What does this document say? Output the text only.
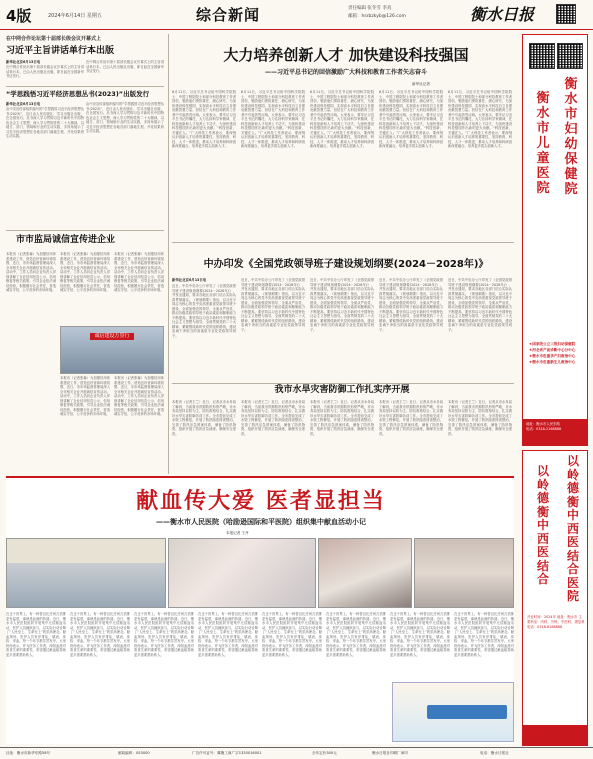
4版	2024年6月14日 星期五	综合新闻	责任编辑 张冬雪 李真
邮箱：hsrbzkyb@126.com	衡水日报
在中网合作论坛第十届部长级会议开幕式上
习近平主旨讲话单行本出版
新华社北京6月13日电
在中网合作论坛第十届部长级会议开幕式上的主旨讲话单行本，已由人民出版社出版，即日起在全国新华书店发行。
在中网合作论坛第十届部长级会议开幕式上的主旨讲话单行本，已由人民出版社出版，即日起在全国新华书店发行。
“学思践悟习近平经济思想丛书(2023)”出版发行
新华社北京6月13日电
由中央宣传部组织编写的“学思践悟习近平经济思想丛书(2023)”，近日由人民出版社、学习出版社出版，在全国发行。丛书深入学习贯彻习近平新时代中国特色社会主义思想，深入学习贯彻党的二十大精神，以地方、部门、领域和行业的生动实践，多视角展示了习近平经济思想在各地各部门落地生根、开花结果的生动实践。
由中央宣传部组织编写的“学思践悟习近平经济思想丛书(2023)”，近日由人民出版社、学习出版社出版，在全国发行。丛书深入学习贯彻习近平新时代中国特色社会主义思想，深入学习贯彻党的二十大精神，以地方、部门、领域和行业的生动实践，多视角展示了习近平经济思想在各地各部门落地生根、开花结果的生动实践。
市市监局诚信宣传进企业
本报讯（记者张赫）为加强信用体系建设工作，营造良好营商环境氛围，近日，市市场监督管理局深入全市相关企业开展诚信宣传活动。活动中，工作人员向企业负责人详细讲解了企业信用信息公示、信用修复等相关政策，引导企业依法诚信经营，积极履行社会责任，营造诚实守信、公平竞争的市场环境。
本报讯（记者张赫）为加强信用体系建设工作，营造良好营商环境氛围，近日，市市场监督管理局深入全市相关企业开展诚信宣传活动。活动中，工作人员向企业负责人详细讲解了企业信用信息公示、信用修复等相关政策，引导企业依法诚信经营，积极履行社会责任，营造诚实守信、公平竞争的市场环境。
本报讯（记者张赫）为加强信用体系建设工作，营造良好营商环境氛围，近日，市市场监督管理局深入全市相关企业开展诚信宣传活动。活动中，工作人员向企业负责人详细讲解了企业信用信息公示、信用修复等相关政策，引导企业依法诚信经营，积极履行社会责任，营造诚实守信、公平竞争的市场环境。
诚信建设万里行
本报讯（记者张赫）为加强信用体系建设工作，营造良好营商环境氛围，近日，市市场监督管理局深入全市相关企业开展诚信宣传活动。活动中，工作人员向企业负责人详细讲解了企业信用信息公示、信用修复等相关政策，引导企业依法诚信经营，积极履行社会责任，营造诚实守信、公平竞争的市场环境。
本报讯（记者张赫）为加强信用体系建设工作，营造良好营商环境氛围，近日，市市场监督管理局深入全市相关企业开展诚信宣传活动。活动中，工作人员向企业负责人详细讲解了企业信用信息公示、信用修复等相关政策，引导企业依法诚信经营，积极履行社会责任，营造诚实守信、公平竞争的市场环境。
大力培养创新人才 加快建设科技强国
——习近平总书记的回信激励广大科技和教育工作者矢志奋斗
新华社记者
6月11日，习近平总书记给中国科学院院士、中国工程院院士和部分科技教育工作者回信，勉励他们勇担重任、潜心研究，为加快建设科技强国、实现高水平科技自立自强贡献智慧力量。回信在广大科技和教育工作者中引起热烈反响。大家表示，要牢记习近平总书记的嘱托，大力弘扬科学家精神，在科技创新和人才培养上下功夫，为加快建设科技强国作出新的更大贡献。“科技创新，关键在人。”广大科技工作者表示，要深刻认识创新人才培养的重要性，坚持教育、科技、人才一体推进，推动人才培养和科研创新深度融合，培养更多拔尖创新人才。
6月11日，习近平总书记给中国科学院院士、中国工程院院士和部分科技教育工作者回信，勉励他们勇担重任、潜心研究，为加快建设科技强国、实现高水平科技自立自强贡献智慧力量。回信在广大科技和教育工作者中引起热烈反响。大家表示，要牢记习近平总书记的嘱托，大力弘扬科学家精神，在科技创新和人才培养上下功夫，为加快建设科技强国作出新的更大贡献。“科技创新，关键在人。”广大科技工作者表示，要深刻认识创新人才培养的重要性，坚持教育、科技、人才一体推进，推动人才培养和科研创新深度融合，培养更多拔尖创新人才。
6月11日，习近平总书记给中国科学院院士、中国工程院院士和部分科技教育工作者回信，勉励他们勇担重任、潜心研究，为加快建设科技强国、实现高水平科技自立自强贡献智慧力量。回信在广大科技和教育工作者中引起热烈反响。大家表示，要牢记习近平总书记的嘱托，大力弘扬科学家精神，在科技创新和人才培养上下功夫，为加快建设科技强国作出新的更大贡献。“科技创新，关键在人。”广大科技工作者表示，要深刻认识创新人才培养的重要性，坚持教育、科技、人才一体推进，推动人才培养和科研创新深度融合，培养更多拔尖创新人才。
6月11日，习近平总书记给中国科学院院士、中国工程院院士和部分科技教育工作者回信，勉励他们勇担重任、潜心研究，为加快建设科技强国、实现高水平科技自立自强贡献智慧力量。回信在广大科技和教育工作者中引起热烈反响。大家表示，要牢记习近平总书记的嘱托，大力弘扬科学家精神，在科技创新和人才培养上下功夫，为加快建设科技强国作出新的更大贡献。“科技创新，关键在人。”广大科技工作者表示，要深刻认识创新人才培养的重要性，坚持教育、科技、人才一体推进，推动人才培养和科研创新深度融合，培养更多拔尖创新人才。
6月11日，习近平总书记给中国科学院院士、中国工程院院士和部分科技教育工作者回信，勉励他们勇担重任、潜心研究，为加快建设科技强国、实现高水平科技自立自强贡献智慧力量。回信在广大科技和教育工作者中引起热烈反响。大家表示，要牢记习近平总书记的嘱托，大力弘扬科学家精神，在科技创新和人才培养上下功夫，为加快建设科技强国作出新的更大贡献。“科技创新，关键在人。”广大科技工作者表示，要深刻认识创新人才培养的重要性，坚持教育、科技、人才一体推进，推动人才培养和科研创新深度融合，培养更多拔尖创新人才。
衡
水
市
妇
幼
保
健
院
衡
水
市
儿
童
医
院
★国家级公立三级妇幼保健院
★河北省产前诊断中心分中心
★衡水市危重孕产妇救治中心
★衡水市危重新生儿救治中心
地址：衡水市人民东路
电话：0318-2168888
中办印发《全国党政领导班子建设规划纲要(2024－2028年)》
新华社北京6月13日电
近日，中共中央办公厅印发了《全国党政领导班子建设规划纲要(2024－2028年)》，并发出通知，要求各地区各部门结合实际认真贯彻落实。《规划纲要》指出，以习近平同志为核心的党中央高度重视党政领导班子建设，全面加强党的领导，全面从严治党，推动各级党政领导班子政治素质和履职能力不断提高。要坚持以习近平新时代中国特色社会主义思想为指导，全面贯彻党的二十大精神，紧紧围绕新时代党的组织路线，建设忠诚干净担当的高素质专业化党政领导班子。
近日，中共中央办公厅印发了《全国党政领导班子建设规划纲要(2024－2028年)》，并发出通知，要求各地区各部门结合实际认真贯彻落实。《规划纲要》指出，以习近平同志为核心的党中央高度重视党政领导班子建设，全面加强党的领导，全面从严治党，推动各级党政领导班子政治素质和履职能力不断提高。要坚持以习近平新时代中国特色社会主义思想为指导，全面贯彻党的二十大精神，紧紧围绕新时代党的组织路线，建设忠诚干净担当的高素质专业化党政领导班子。
近日，中共中央办公厅印发了《全国党政领导班子建设规划纲要(2024－2028年)》，并发出通知，要求各地区各部门结合实际认真贯彻落实。《规划纲要》指出，以习近平同志为核心的党中央高度重视党政领导班子建设，全面加强党的领导，全面从严治党，推动各级党政领导班子政治素质和履职能力不断提高。要坚持以习近平新时代中国特色社会主义思想为指导，全面贯彻党的二十大精神，紧紧围绕新时代党的组织路线，建设忠诚干净担当的高素质专业化党政领导班子。
近日，中共中央办公厅印发了《全国党政领导班子建设规划纲要(2024－2028年)》，并发出通知，要求各地区各部门结合实际认真贯彻落实。《规划纲要》指出，以习近平同志为核心的党中央高度重视党政领导班子建设，全面加强党的领导，全面从严治党，推动各级党政领导班子政治素质和履职能力不断提高。要坚持以习近平新时代中国特色社会主义思想为指导，全面贯彻党的二十大精神，紧紧围绕新时代党的组织路线，建设忠诚干净担当的高素质专业化党政领导班子。
近日，中共中央办公厅印发了《全国党政领导班子建设规划纲要(2024－2028年)》，并发出通知，要求各地区各部门结合实际认真贯彻落实。《规划纲要》指出，以习近平同志为核心的党中央高度重视党政领导班子建设，全面加强党的领导，全面从严治党，推动各级党政领导班子政治素质和履职能力不断提高。要坚持以习近平新时代中国特色社会主义思想为指导，全面贯彻党的二十大精神，紧紧围绕新时代党的组织路线，建设忠诚干净担当的高素质专业化党政领导班子。
我市水旱灾害防御工作扎实序开展
本报讯（记者王兰）近日，记者从市水务局了解到，当前我市汛期防汛形势严峻，市水务局坚持以防为主、防抗救相结合，扎实做好水旱灾害防御各项工作。全市提前完成了水毁工程修复，开展了防汛隐患排查整治，完善了防汛应急预案体系，储备了防汛物资，组织开展了防汛应急演练，确保安全度汛。
本报讯（记者王兰）近日，记者从市水务局了解到，当前我市汛期防汛形势严峻，市水务局坚持以防为主、防抗救相结合，扎实做好水旱灾害防御各项工作。全市提前完成了水毁工程修复，开展了防汛隐患排查整治，完善了防汛应急预案体系，储备了防汛物资，组织开展了防汛应急演练，确保安全度汛。
本报讯（记者王兰）近日，记者从市水务局了解到，当前我市汛期防汛形势严峻，市水务局坚持以防为主、防抗救相结合，扎实做好水旱灾害防御各项工作。全市提前完成了水毁工程修复，开展了防汛隐患排查整治，完善了防汛应急预案体系，储备了防汛物资，组织开展了防汛应急演练，确保安全度汛。
本报讯（记者王兰）近日，记者从市水务局了解到，当前我市汛期防汛形势严峻，市水务局坚持以防为主、防抗救相结合，扎实做好水旱灾害防御各项工作。全市提前完成了水毁工程修复，开展了防汛隐患排查整治，完善了防汛应急预案体系，储备了防汛物资，组织开展了防汛应急演练，确保安全度汛。
本报讯（记者王兰）近日，记者从市水务局了解到，当前我市汛期防汛形势严峻，市水务局坚持以防为主、防抗救相结合，扎实做好水旱灾害防御各项工作。全市提前完成了水毁工程修复，开展了防汛隐患排查整治，完善了防汛应急预案体系，储备了防汛物资，组织开展了防汛应急演练，确保安全度汛。
以
岭
德
衡
中
西
医
结
合
医
院
以
岭
德
衡
中
西
医
结
合
开业时间：2024年 地址：衡水市 主要科室：内科、外科、中医科、康复科 电话：0318-6188888
献血传大爱 医者显担当
——衡水市人民医院（哈励逊国际和平医院）组织集中献血活动小记
本报记者 王丹
在这个世界上，有一种善良比任何言语都更有温度，那就是血液的传递。近日，衡水市人民医院组织开展集中无偿献血活动，医护人员踊跃参与，以实际行动诠释了“人民至上、生命至上”的崇高理念。献血现场，医护人员有序排队，填表、体检、采血，每一个环节都井然有序。大家纷纷表示，作为医务工作者，深知血液对患者生命的重要性，希望通过献血能帮助更多需要帮助的人。
在这个世界上，有一种善良比任何言语都更有温度，那就是血液的传递。近日，衡水市人民医院组织开展集中无偿献血活动，医护人员踊跃参与，以实际行动诠释了“人民至上、生命至上”的崇高理念。献血现场，医护人员有序排队，填表、体检、采血，每一个环节都井然有序。大家纷纷表示，作为医务工作者，深知血液对患者生命的重要性，希望通过献血能帮助更多需要帮助的人。
在这个世界上，有一种善良比任何言语都更有温度，那就是血液的传递。近日，衡水市人民医院组织开展集中无偿献血活动，医护人员踊跃参与，以实际行动诠释了“人民至上、生命至上”的崇高理念。献血现场，医护人员有序排队，填表、体检、采血，每一个环节都井然有序。大家纷纷表示，作为医务工作者，深知血液对患者生命的重要性，希望通过献血能帮助更多需要帮助的人。
在这个世界上，有一种善良比任何言语都更有温度，那就是血液的传递。近日，衡水市人民医院组织开展集中无偿献血活动，医护人员踊跃参与，以实际行动诠释了“人民至上、生命至上”的崇高理念。献血现场，医护人员有序排队，填表、体检、采血，每一个环节都井然有序。大家纷纷表示，作为医务工作者，深知血液对患者生命的重要性，希望通过献血能帮助更多需要帮助的人。
在这个世界上，有一种善良比任何言语都更有温度，那就是血液的传递。近日，衡水市人民医院组织开展集中无偿献血活动，医护人员踊跃参与，以实际行动诠释了“人民至上、生命至上”的崇高理念。献血现场，医护人员有序排队，填表、体检、采血，每一个环节都井然有序。大家纷纷表示，作为医务工作者，深知血液对患者生命的重要性，希望通过献血能帮助更多需要帮助的人。
在这个世界上，有一种善良比任何言语都更有温度，那就是血液的传递。近日，衡水市人民医院组织开展集中无偿献血活动，医护人员踊跃参与，以实际行动诠释了“人民至上、生命至上”的崇高理念。献血现场，医护人员有序排队，填表、体检、采血，每一个环节都井然有序。大家纷纷表示，作为医务工作者，深知血液对患者生命的重要性，希望通过献血能帮助更多需要帮助的人。
在这个世界上，有一种善良比任何言语都更有温度，那就是血液的传递。近日，衡水市人民医院组织开展集中无偿献血活动，医护人员踊跃参与，以实际行动诠释了“人民至上、生命至上”的崇高理念。献血现场，医护人员有序排队，填表、体检、采血，每一个环节都井然有序。大家纷纷表示，作为医务工作者，深知血液对患者生命的重要性，希望通过献血能帮助更多需要帮助的人。
在这个世界上，有一种善良比任何言语都更有温度，那就是血液的传递。近日，衡水市人民医院组织开展集中无偿献血活动，医护人员踊跃参与，以实际行动诠释了“人民至上、生命至上”的崇高理念。献血现场，医护人员有序排队，填表、体检、采血，每一个环节都井然有序。大家纷纷表示，作为医务工作者，深知血液对患者生命的重要性，希望通过献血能帮助更多需要帮助的人。
社址：衡水市新华东路58号	邮政编码：053000	广告许可证号：冀衡工商广字1330016001	全年定价300元	衡水日报社印刷厂承印	电话：衡水日报社
